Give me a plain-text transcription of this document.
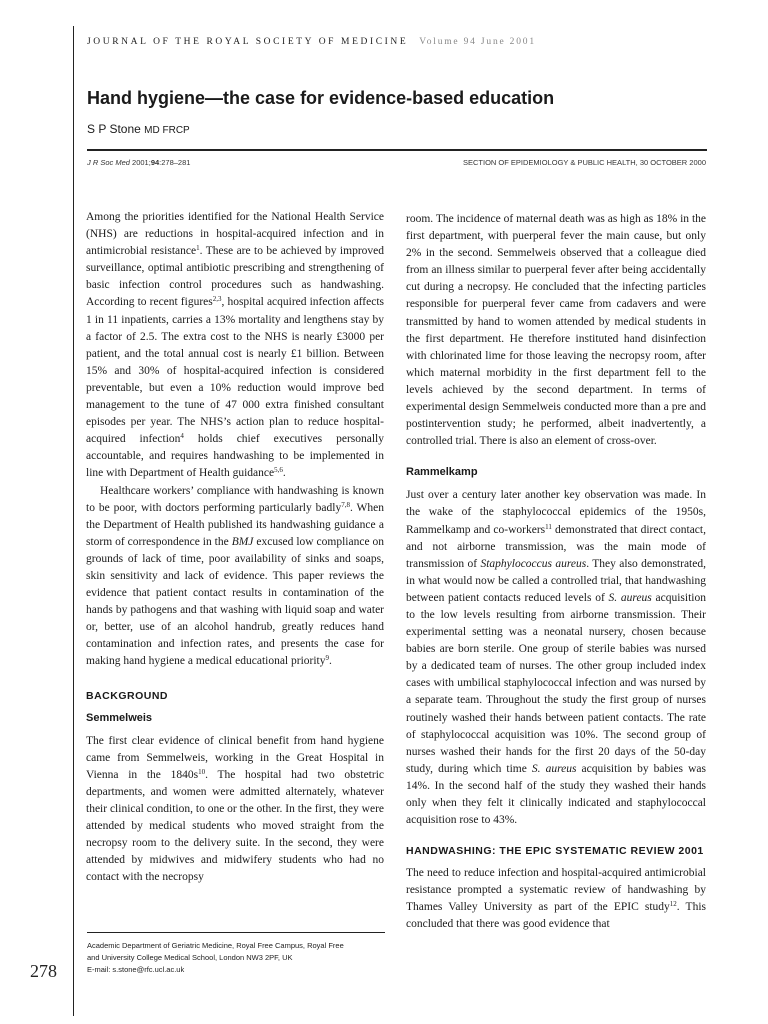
JOURNAL OF THE ROYAL SOCIETY OF MEDICINE Volume 94 June 2001
Hand hygiene—the case for evidence-based education
S P Stone MD FRCP
J R Soc Med 2001;94:278–281	SECTION OF EPIDEMIOLOGY & PUBLIC HEALTH, 30 OCTOBER 2000

Among the priorities identified for the National Health Service (NHS) are reductions in hospital-acquired infection and in antimicrobial resistance$^1$. These are to be achieved by improved surveillance, optimal antibiotic prescribing and strengthening of basic infection control procedures such as handwashing. According to recent figures$^{2,3}$, hospital acquired infection affects 1 in 11 inpatients, carries a 13% mortality and lengthens stay by a factor of 2.5. The extra cost to the NHS is nearly £3000 per patient, and the total annual cost is nearly £1 billion. Between 15% and 30% of hospital-acquired infection is considered preventable, but even a 10% reduction would improve bed management to the tune of 47 000 extra finished consultant episodes per year. The NHS’s action plan to reduce hospital-acquired infection$^4$ holds chief executives personally accountable, and requires handwashing to be implemented in line with Department of Health guidance$^{5,6}$.

Healthcare workers’ compliance with handwashing is known to be poor, with doctors performing particularly badly$^{7,8}$. When the Department of Health published its handwashing guidance a storm of correspondence in the BMJ excused low compliance on grounds of lack of time, poor availability of sinks and soaps, skin sensitivity and lack of evidence. This paper reviews the evidence that patient contact results in contamination of the hands by pathogens and that washing with liquid soap and water or, better, use of an alcohol handrub, greatly reduces hand contamination and infection rates, and presents the case for making hand hygiene a medical educational priority$^9$.

BACKGROUND
Semmelweis

The first clear evidence of clinical benefit from hand hygiene came from Semmelweis, working in the Great Hospital in Vienna in the $1840s^{10}$. The hospital had two obstetric departments, and women were admitted alternately, whatever their clinical condition, to one or the other. In the first, they were attended by medical students who moved straight from the necropsy room to the delivery suite. In the second, they were attended by midwives and midwifery students who had no contact with the necropsy

room. The incidence of maternal death was as high as 18% in the first department, with puerperal fever the main cause, but only 2% in the second. Semmelweis observed that a colleague died from an illness similar to puerperal fever after being accidentally cut during a necropsy. He concluded that the infecting particles responsible for puerperal fever came from cadavers and were transmitted by hand to women attended by medical students in the first department. He therefore instituted hand disinfection with chlorinated lime for those leaving the necropsy room, after which maternal morbidity in the first department fell to the levels achieved by the second department. In terms of experimental design Semmelweis conducted more than a pre and postintervention study; he performed, albeit inadvertently, a controlled trial. There is also an element of cross-over.

Rammelkamp

Just over a century later another key observation was made. In the wake of the staphylococcal epidemics of the 1950s, Rammelkamp and co-workers$^{11}$ demonstrated that direct contact, and not airborne transmission, was the main mode of transmission of Staphylococcus aureus. They also demonstrated, in what would now be called a controlled trial, that handwashing between patient contacts reduced levels of S. aureus acquisition to the low levels resulting from airborne transmission. Their experimental setting was a neonatal nursery, chosen because babies are born sterile. One group of sterile babies was nursed by a dedicated team of nurses. The other group included index cases with umbilical staphylococcal infection and was nursed by a separate team. Throughout the study the first group of nurses routinely washed their hands between patient contacts. The rate of staphylococcal acquisition was 10%. The second group of nurses washed their hands for the first 20 days of the 50-day study, during which time S. aureus acquisition by babies was 14%. In the second half of the study they washed their hands only when they felt it clinically indicated and staphylococcal acquisition rose to 43%.

HANDWASHING: THE EPIC SYSTEMATIC REVIEW 2001

The need to reduce infection and hospital-acquired antimicrobial resistance prompted a systematic review of handwashing by Thames Valley University as part of the EPIC study$^{12}$. This concluded that there was good evidence that

Academic Department of Geriatric Medicine, Royal Free Campus, Royal Free
and University College Medical School, London NW3 2PF, UK
E-mail: s.stone@rfc.ucl.ac.uk
278
